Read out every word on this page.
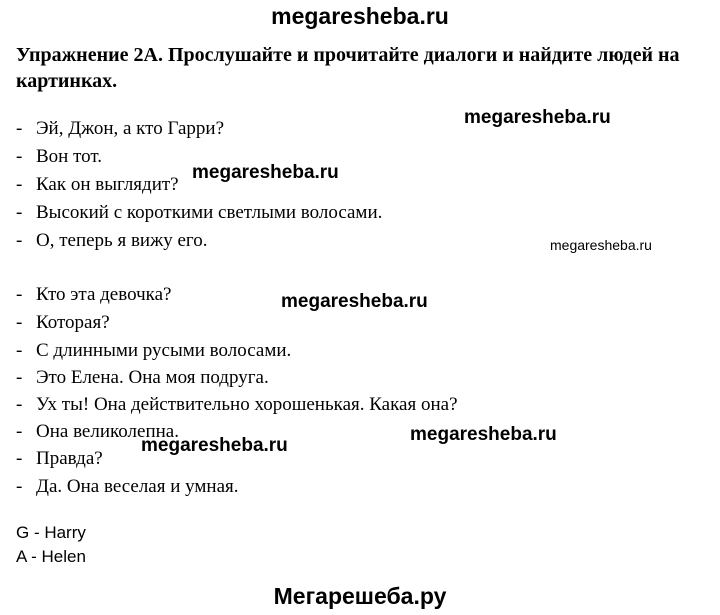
megaresheba.ru
Упражнение 2А. Прослушайте и прочитайте диалоги и найдите людей на картинках.
- Эй, Джон, а кто Гарри?
- Вон тот.
- Как он выглядит?
- Высокий с короткими светлыми волосами.
- О, теперь я вижу его.
- Кто эта девочка?
- Которая?
- С длинными русыми волосами.
- Это Елена. Она моя подруга.
- Ух ты! Она действительно хорошенькая. Какая она?
- Она великолепна.
- Правда?
- Да. Она веселая и умная.
megaresheba.ru
megaresheba.ru
megaresheba.ru
megaresheba.ru
megaresheba.ru
megaresheba.ru
G - Harry
A - Helen
Мегарешеба.ру
